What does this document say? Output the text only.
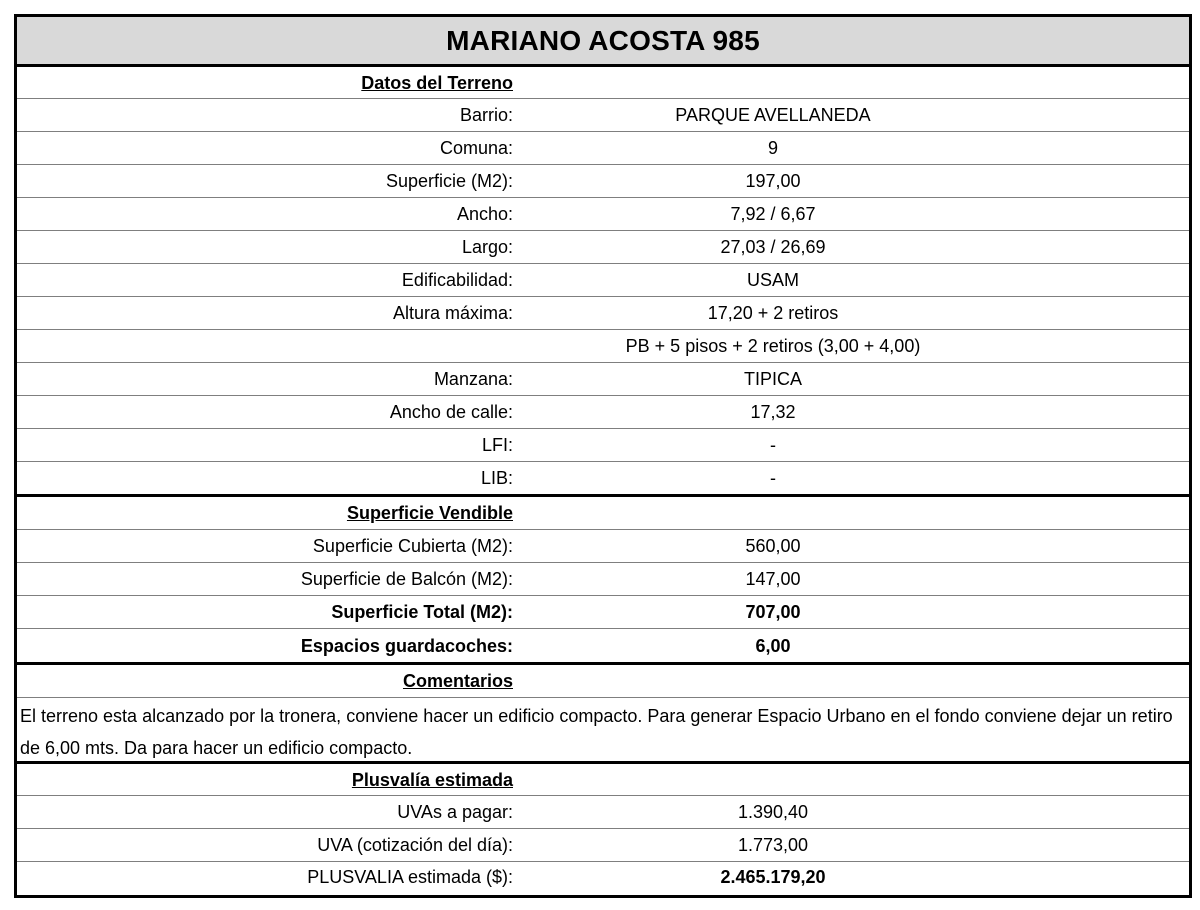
MARIANO ACOSTA 985
Datos del Terreno
Barrio:	PARQUE AVELLANEDA
Comuna:	9
Superficie (M2):	197,00
Ancho:	7,92 / 6,67
Largo:	27,03 / 26,69
Edificabilidad:	USAM
Altura máxima:	17,20 + 2 retiros
PB + 5 pisos + 2 retiros (3,00 + 4,00)
Manzana:	TIPICA
Ancho de calle:	17,32
LFI:	-
LIB:	-
Superficie Vendible
Superficie Cubierta (M2):	560,00
Superficie de Balcón (M2):	147,00
Superficie Total (M2):	707,00
Espacios guardacoches:	6,00
Comentarios
El terreno esta alcanzado por la tronera, conviene hacer un edificio compacto. Para generar Espacio Urbano en el fondo conviene dejar un retiro de 6,00 mts. Da para hacer un edificio compacto.
Plusvalía estimada
UVAs a pagar:	1.390,40
UVA (cotización del día):	1.773,00
PLUSVALIA estimada ($):	2.465.179,20
